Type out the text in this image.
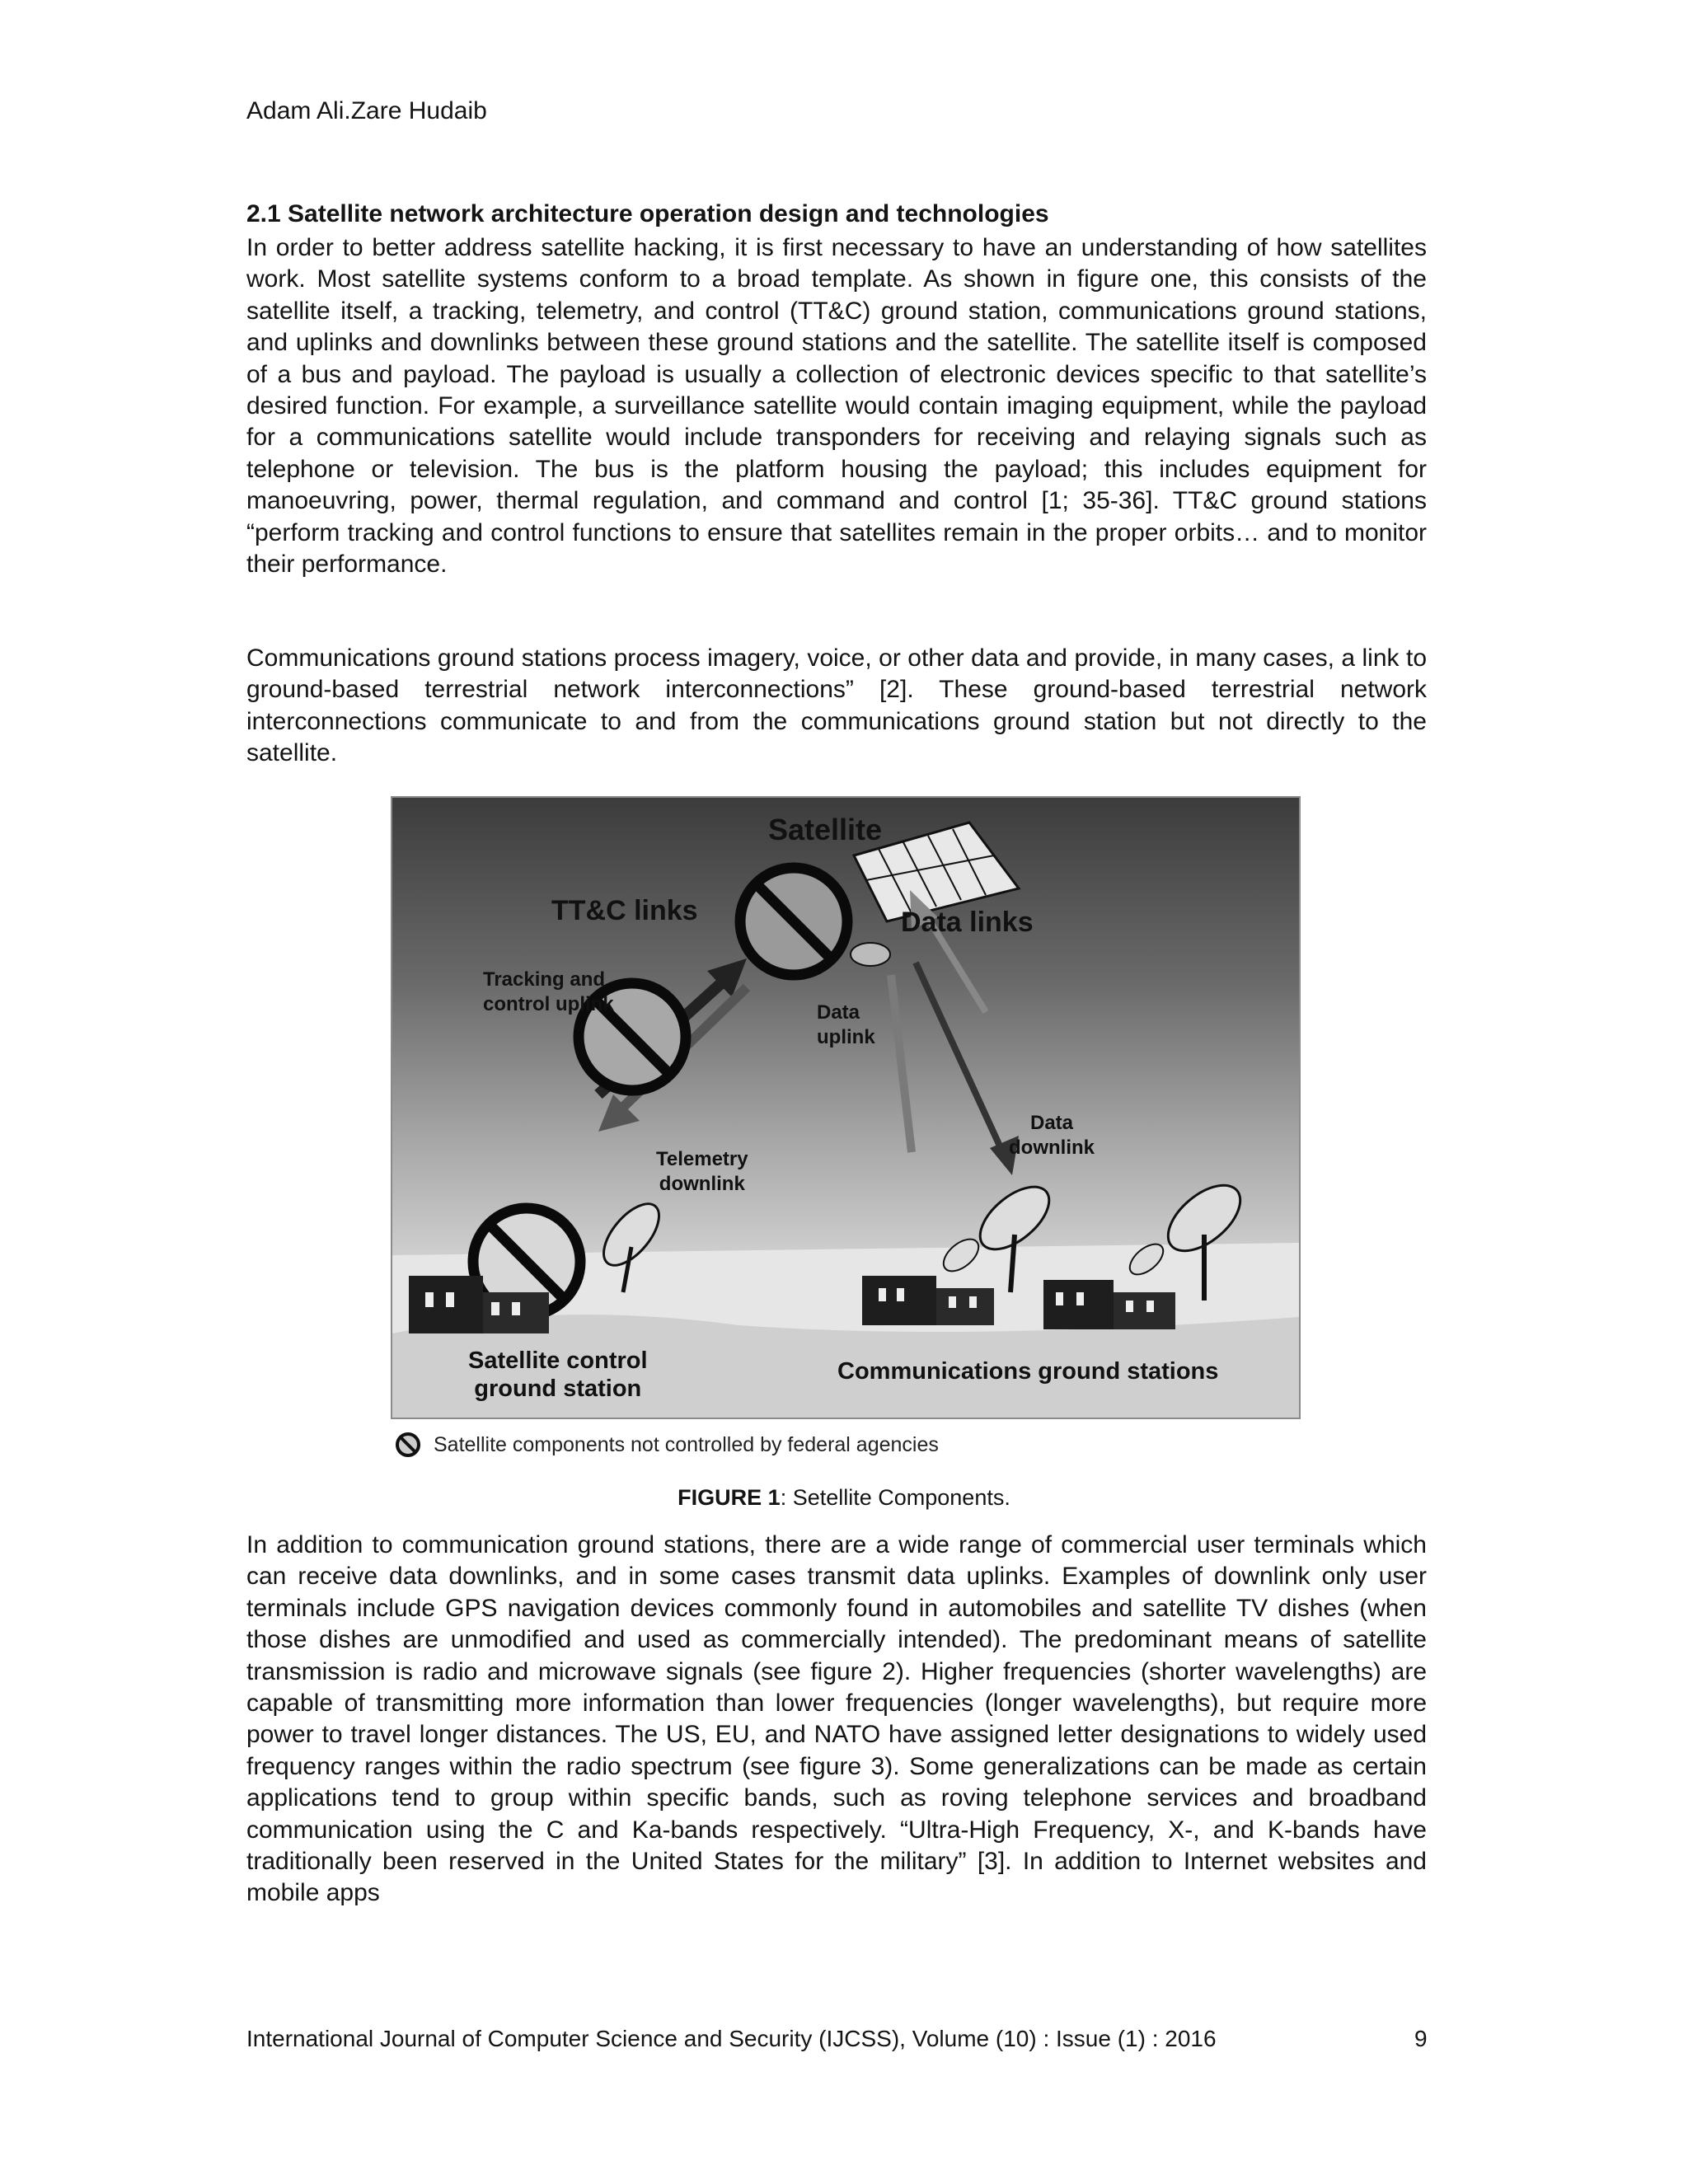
Adam Ali.Zare Hudaib

2.1 Satellite network architecture operation design and technologies

In order to better address satellite hacking, it is first necessary to have an understanding of how satellites work. Most satellite systems conform to a broad template. As shown in figure one, this consists of the satellite itself, a tracking, telemetry, and control (TT&C) ground station, communications ground stations, and uplinks and downlinks between these ground stations and the satellite. The satellite itself is composed of a bus and payload. The payload is usually a collection of electronic devices specific to that satellite’s desired function. For example, a surveillance satellite would contain imaging equipment, while the payload for a communications satellite would include transponders for receiving and relaying signals such as telephone or television. The bus is the platform housing the payload; this includes equipment for manoeuvring, power, thermal regulation, and command and control [1; 35-36]. TT&C ground stations “perform tracking and control functions to ensure that satellites remain in the proper orbits… and to monitor their performance.

Communications ground stations process imagery, voice, or other data and provide, in many cases, a link to ground-based terrestrial network interconnections” [2]. These ground-based terrestrial network interconnections communicate to and from the communications ground station but not directly to the satellite.

Satellite
TT&C links	Data links
Tracking and
control uplink	Data
uplink
Data
downlink
Telemetry
downlink
Satellite control
ground station
Communications ground stations
Satellite components not controlled by federal agencies
FIGURE 1: Setellite Components.

In addition to communication ground stations, there are a wide range of commercial user terminals which can receive data downlinks, and in some cases transmit data uplinks. Examples of downlink only user terminals include GPS navigation devices commonly found in automobiles and satellite TV dishes (when those dishes are unmodified and used as commercially intended). The predominant means of satellite transmission is radio and microwave signals (see figure 2). Higher frequencies (shorter wavelengths) are capable of transmitting more information than lower frequencies (longer wavelengths), but require more power to travel longer distances. The US, EU, and NATO have assigned letter designations to widely used frequency ranges within the radio spectrum (see figure 3). Some generalizations can be made as certain applications tend to group within specific bands, such as roving telephone services and broadband communication using the C and Ka-bands respectively. “Ultra-High Frequency, X-, and K-bands have traditionally been reserved in the United States for the military” [3]. In addition to Internet websites and mobile apps

International Journal of Computer Science and Security (IJCSS), Volume (10) : Issue (1) : 2016	9
